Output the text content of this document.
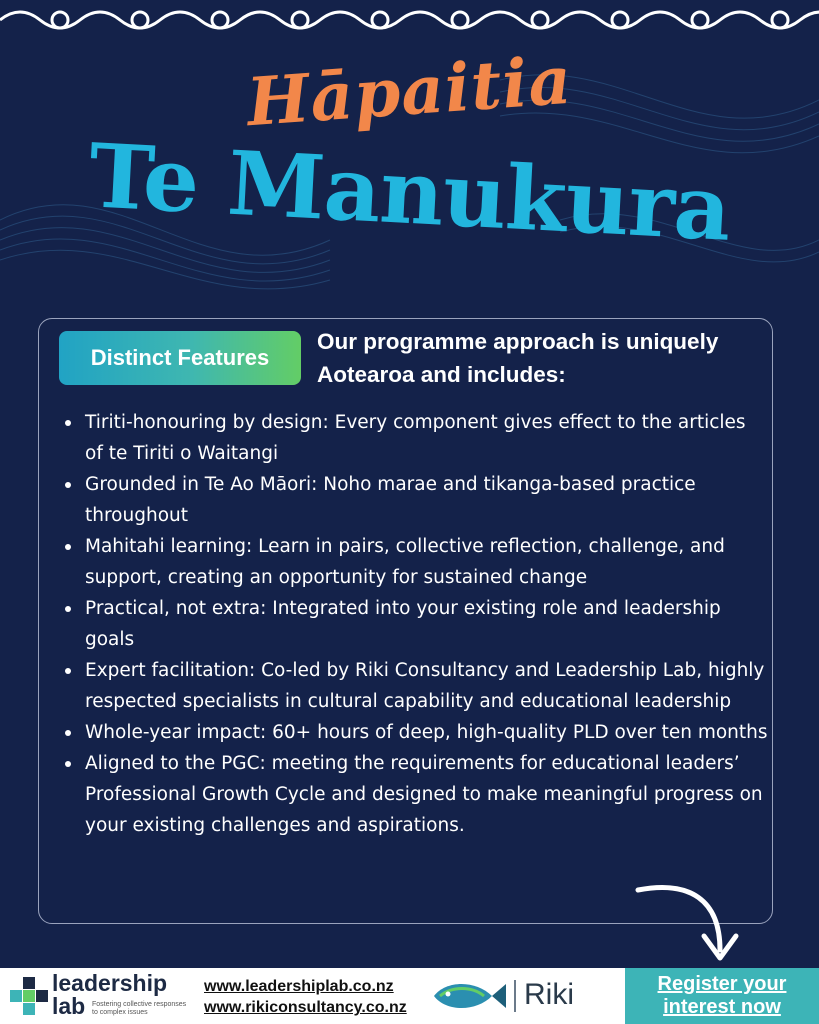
Hāpaitia
Te Manukura
Distinct Features
Our programme approach is uniquely Aotearoa and includes:
Tiriti-honouring by design: Every component gives effect to the articles of te Tiriti o Waitangi
Grounded in Te Ao Māori: Noho marae and tikanga-based practice throughout
Mahitahi learning: Learn in pairs, collective reflection, challenge, and support, creating an opportunity for sustained change
Practical, not extra: Integrated into your existing role and leadership goals
Expert facilitation: Co-led by Riki Consultancy and Leadership Lab, highly respected specialists in cultural capability and educational leadership
Whole-year impact: 60+ hours of deep, high-quality PLD over ten months
Aligned to the PGC: meeting the requirements for educational leaders’ Professional Growth Cycle and designed to make meaningful progress on your existing challenges and aspirations.
leadership lab Fostering collective responses to complex issues
www.leadershiplab.co.nz
www.rikiconsultancy.co.nz	Riki	Register your
interest now
